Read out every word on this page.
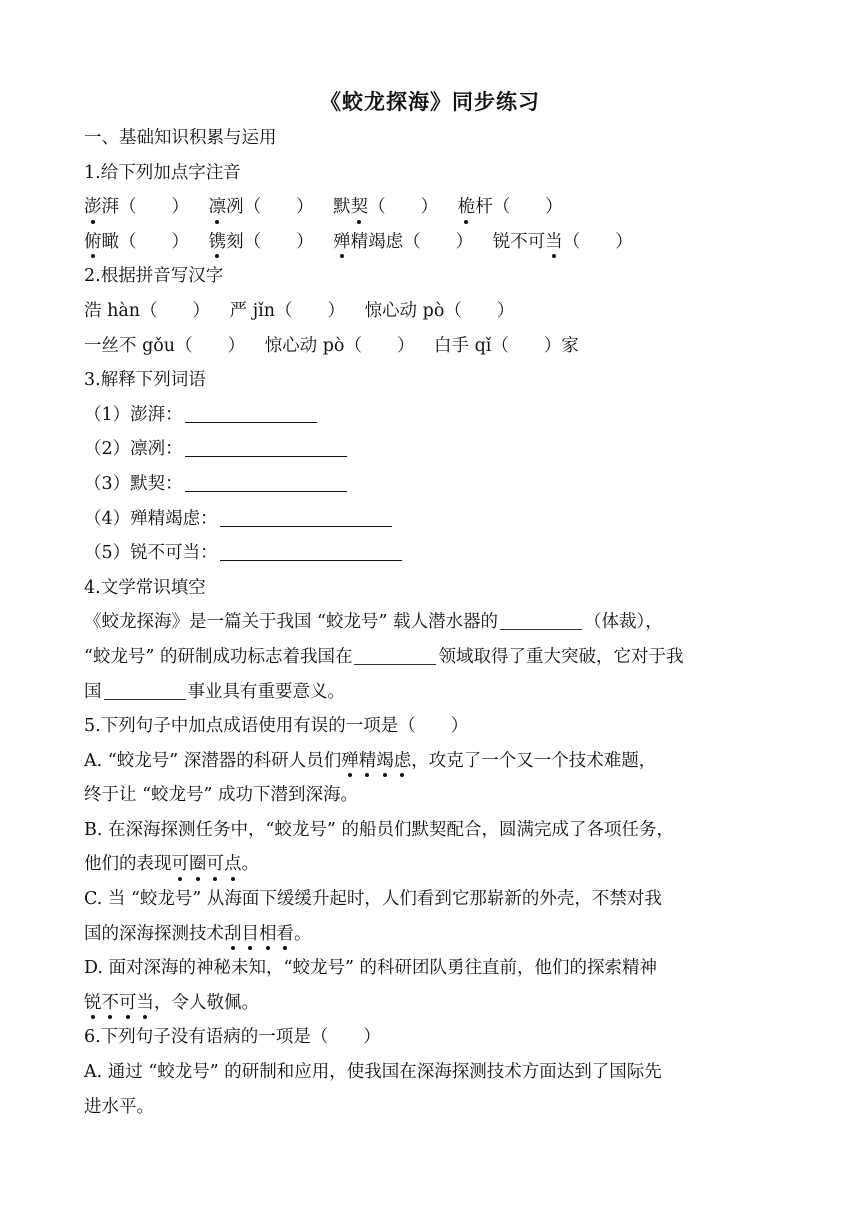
《蛟龙探海》同步练习
一、基础知识积累与运用
1.给下列加点字注音
澎湃（　　） 凛冽（　　） 默契（　　） 桅杆（　　）
俯瞰（　　） 镌刻（　　） 殚精竭虑（　　） 锐不可当（　　）
2.根据拼音写汉字
浩 hàn（　　） 严 jǐn（　　） 惊心动 pò（　　）
一丝不 gǒu（　　） 惊心动 pò（　　） 白手 qǐ（　　）家
3.解释下列词语
（1）澎湃：
（2）凛冽：
（3）默契：
（4）殚精竭虑：
（5）锐不可当：
4.文学常识填空
《蛟龙探海》是一篇关于我国 “蛟龙号” 载人潜水器的	（体裁），
“蛟龙号” 的研制成功标志着我国在	领域取得了重大突破，它对于我
国	事业具有重要意义。
5.下列句子中加点成语使用有误的一项是（　　）
A. “蛟龙号” 深潜器的科研人员们殚精竭虑，攻克了一个又一个技术难题，
终于让 “蛟龙号” 成功下潜到深海。
B. 在深海探测任务中，“蛟龙号” 的船员们默契配合，圆满完成了各项任务，
他们的表现可圈可点。
C. 当 “蛟龙号” 从海面下缓缓升起时，人们看到它那崭新的外壳，不禁对我
国的深海探测技术刮目相看。
D. 面对深海的神秘未知，“蛟龙号” 的科研团队勇往直前，他们的探索精神
锐不可当，令人敬佩。
6.下列句子没有语病的一项是（　　）
A. 通过 “蛟龙号” 的研制和应用，使我国在深海探测技术方面达到了国际先
进水平。
